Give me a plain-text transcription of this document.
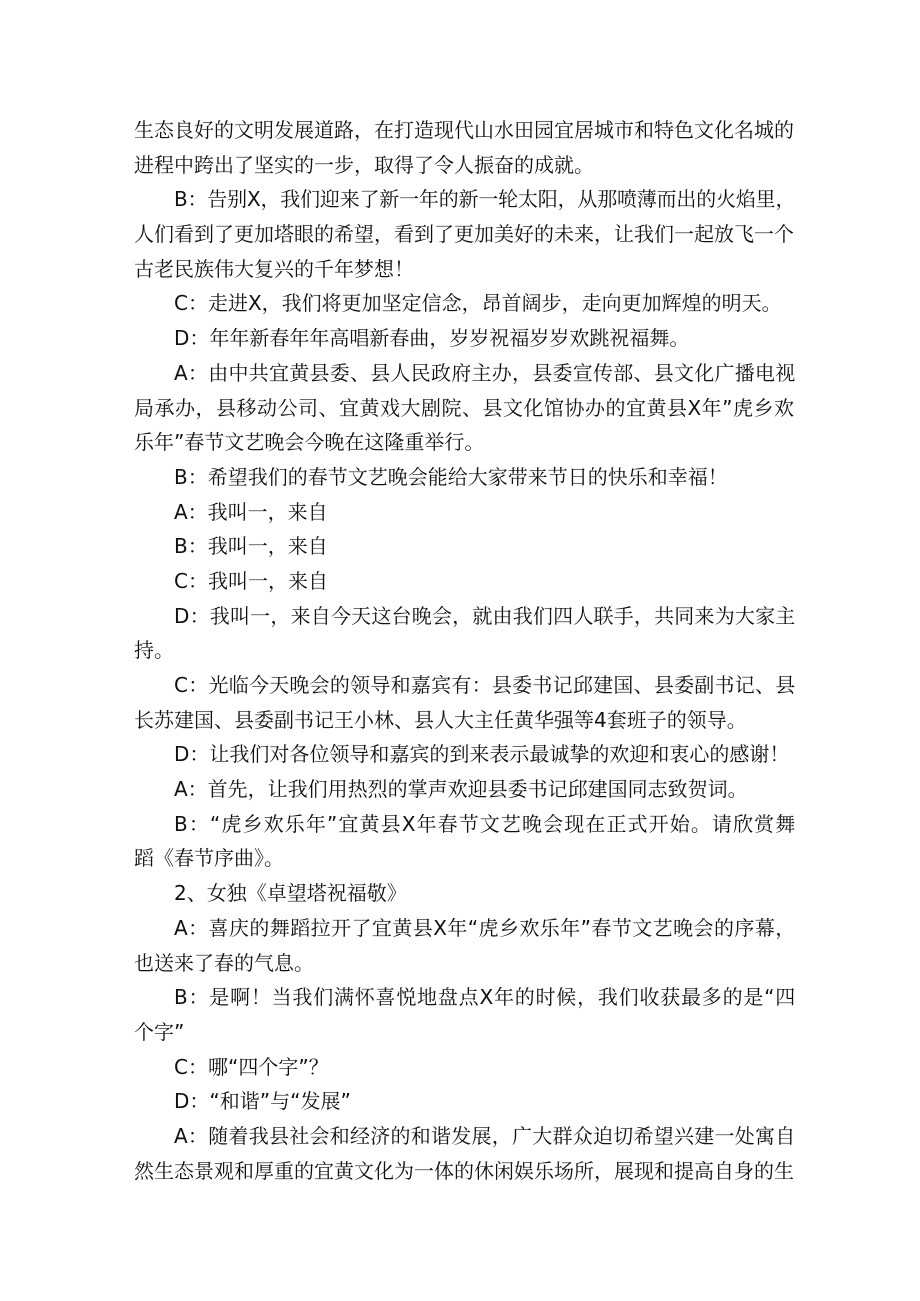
生态良好的文明发展道路，在打造现代山水田园宜居城市和特色文化名城的
进程中跨出了坚实的一步，取得了令人振奋的成就。
B：告别X，我们迎来了新一年的新一轮太阳，从那喷薄而出的火焰里，
人们看到了更加塔眼的希望，看到了更加美好的未来，让我们一起放飞一个
古老民族伟大复兴的千年梦想！
C：走进X，我们将更加坚定信念，昂首阔步，走向更加辉煌的明天。
D：年年新春年年高唱新春曲，岁岁祝福岁岁欢跳祝福舞。
A：由中共宜黄县委、县人民政府主办，县委宣传部、县文化广播电视
局承办，县移动公司、宜黄戏大剧院、县文化馆协办的宜黄县X年”虎乡欢
乐年”春节文艺晚会今晚在这隆重举行。
B：希望我们的春节文艺晚会能给大家带来节日的快乐和幸福！
A：我叫一，来自
B：我叫一，来自
C：我叫一，来自
D：我叫一，来自今天这台晚会，就由我们四人联手，共同来为大家主
持。
C：光临今天晚会的领导和嘉宾有：县委书记邱建国、县委副书记、县
长苏建国、县委副书记王小林、县人大主任黄华强等4套班子的领导。
D：让我们对各位领导和嘉宾的到来表示最诚挚的欢迎和衷心的感谢！
A：首先，让我们用热烈的掌声欢迎县委书记邱建国同志致贺词。
B：“虎乡欢乐年”宜黄县X年春节文艺晚会现在正式开始。请欣赏舞
蹈《春节序曲》。
2、女独《卓望塔祝福敬》
A：喜庆的舞蹈拉开了宜黄县X年“虎乡欢乐年”春节文艺晚会的序幕，
也送来了春的气息。
B：是啊！当我们满怀喜悦地盘点X年的时候，我们收获最多的是“四
个字”
C：哪“四个字”？
D：“和谐”与“发展”
A：随着我县社会和经济的和谐发展，广大群众迫切希望兴建一处寓自
然生态景观和厚重的宜黄文化为一体的休闲娱乐场所，展现和提高自身的生
